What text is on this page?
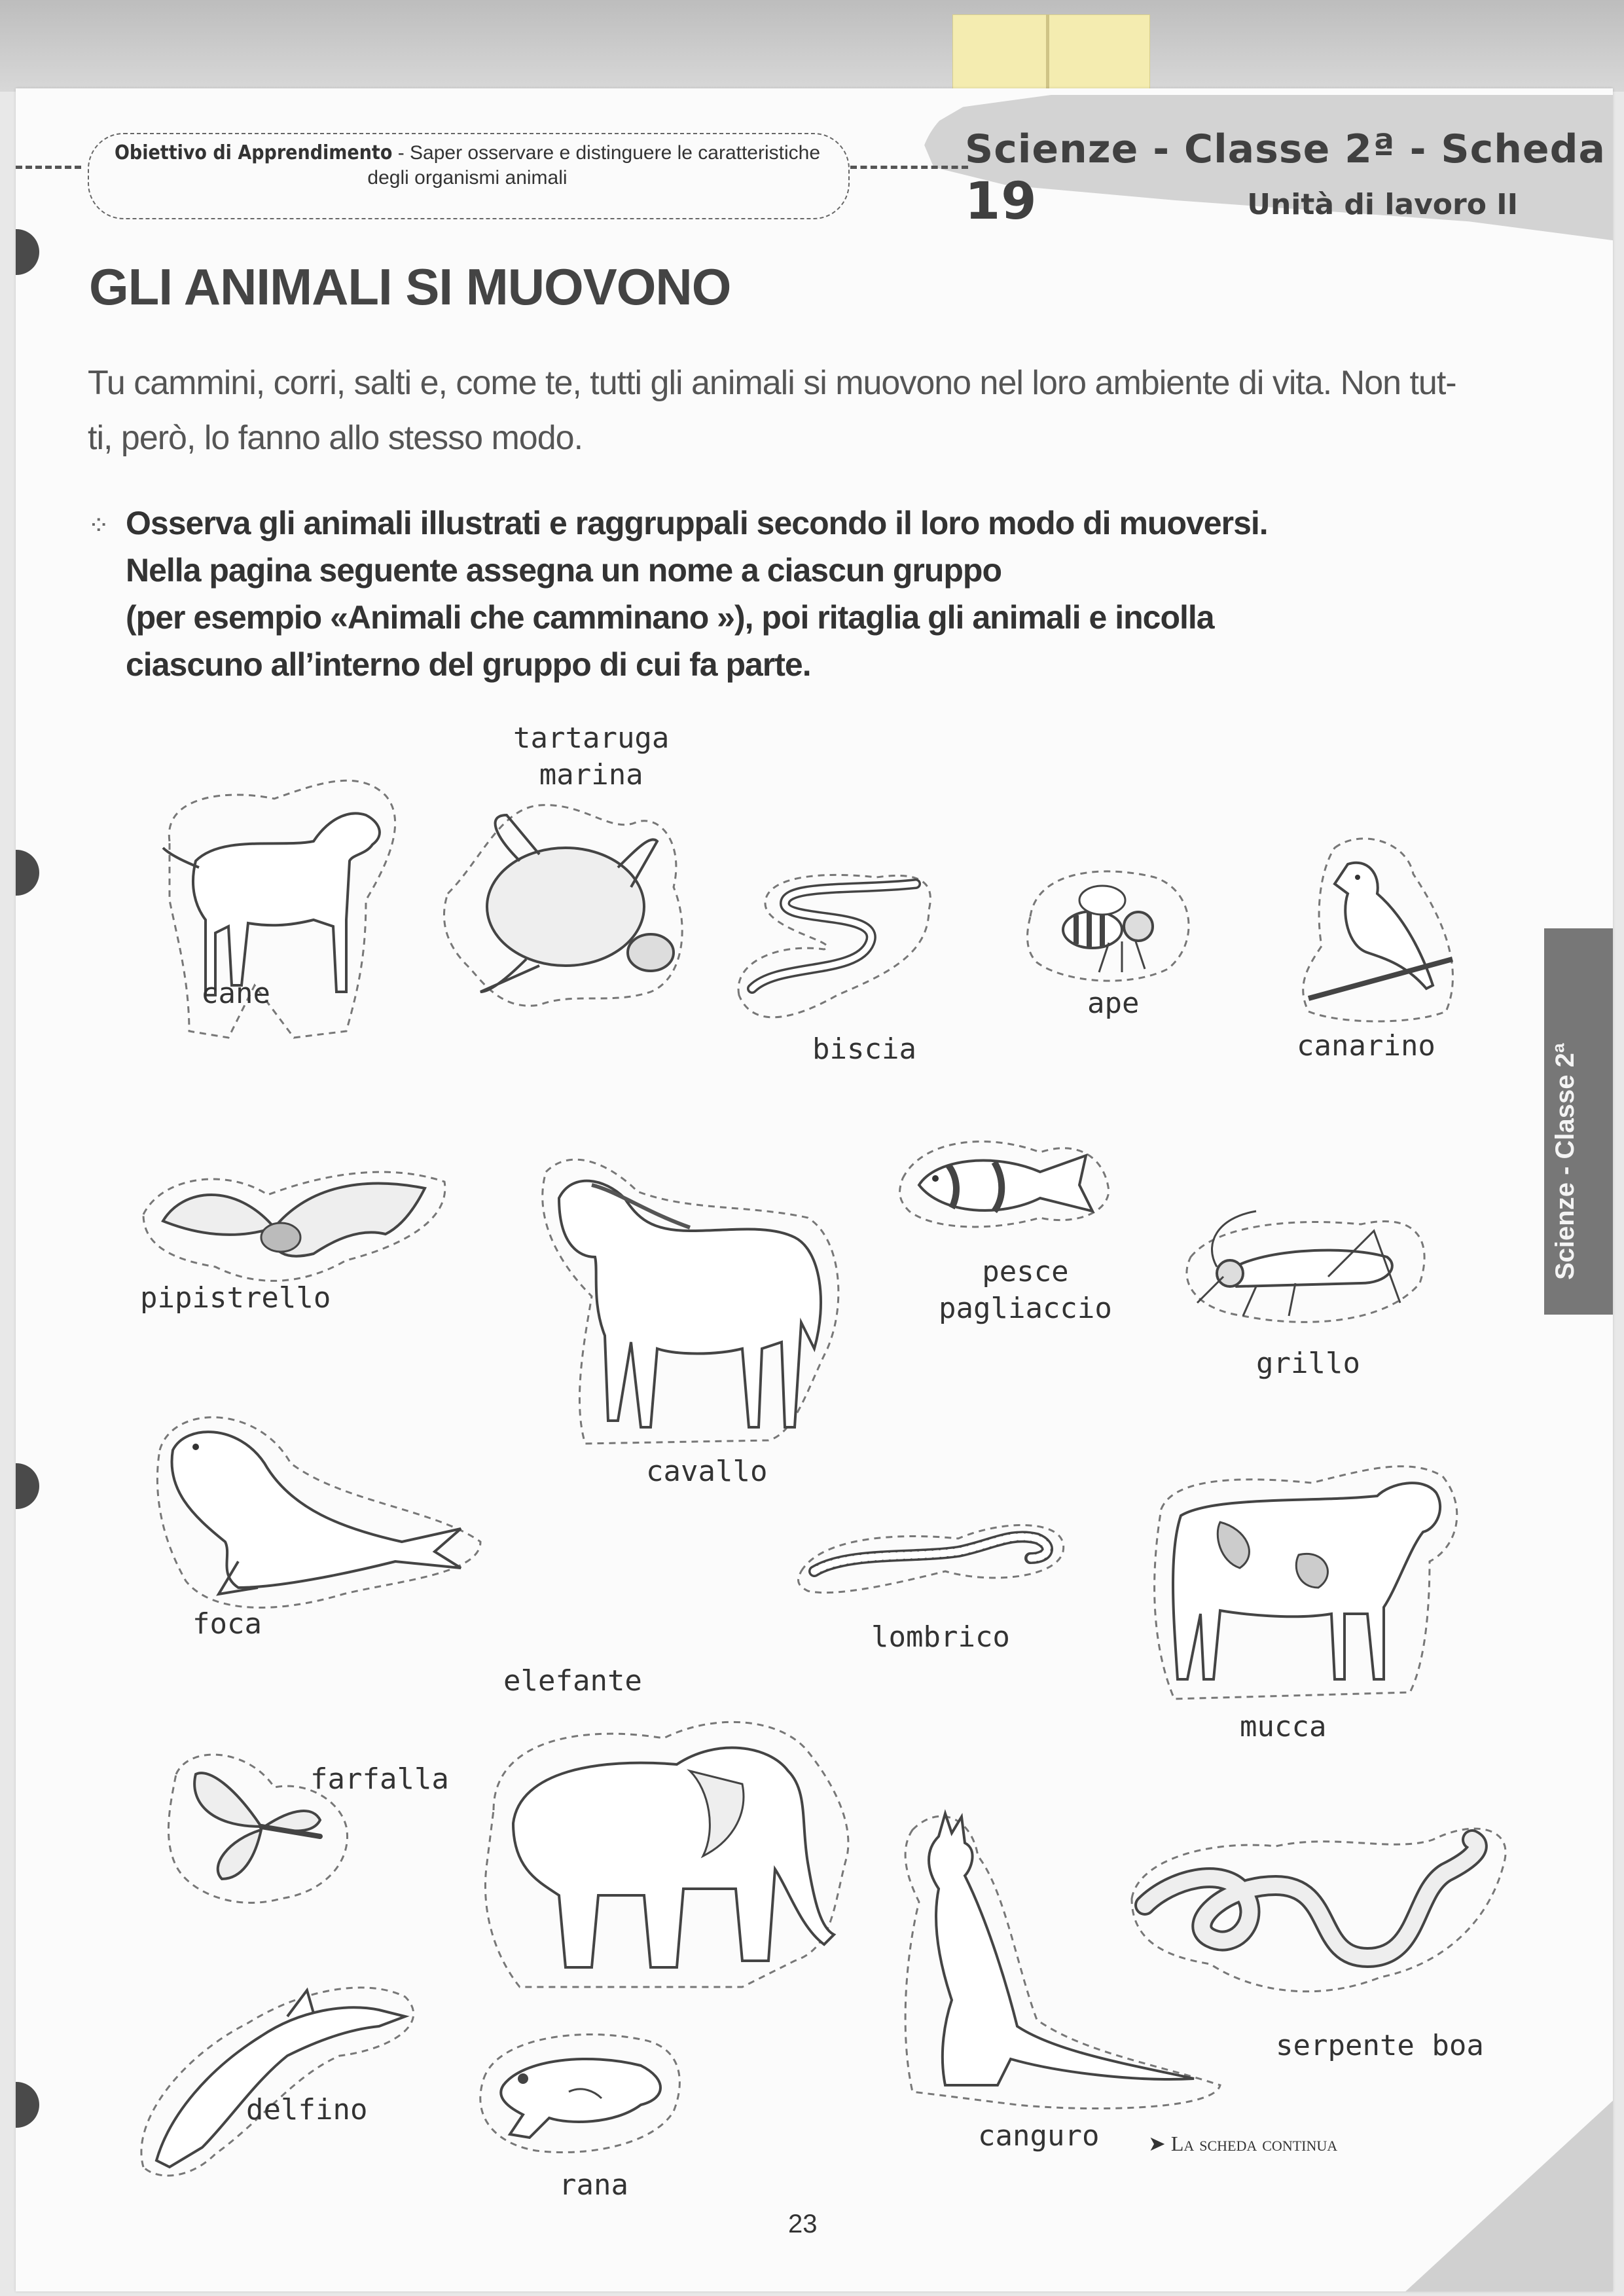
Obiettivo di Apprendimento - Saper osservare e distinguere le caratteristiche
degli organismi animali
Scienze - Classe 2ª - Scheda 19	Unità di lavoro II
GLI ANIMALI SI MUOVONO
Tu cammini, corri, salti e, come te, tutti gli animali si muovono nel loro ambiente di vita. Non tut-
ti, però, lo fanno allo stesso modo.
⁘ Osserva gli animali illustrati e raggruppali secondo il loro modo di muoversi.
Nella pagina seguente assegna un nome a ciascun gruppo
(per esempio «Animali che camminano »), poi ritaglia gli animali e incolla
ciascuno all’interno del gruppo di cui fa parte.
cane
tartaruga
marina
biscia
ape
canarino
pipistrello
cavallo
pesce
pagliaccio
grillo
foca	lombrico
mucca
elefante
farfalla
canguro
serpente boa
delfino
rana
Scienze - Classe 2ª
➤ La scheda continua
23
